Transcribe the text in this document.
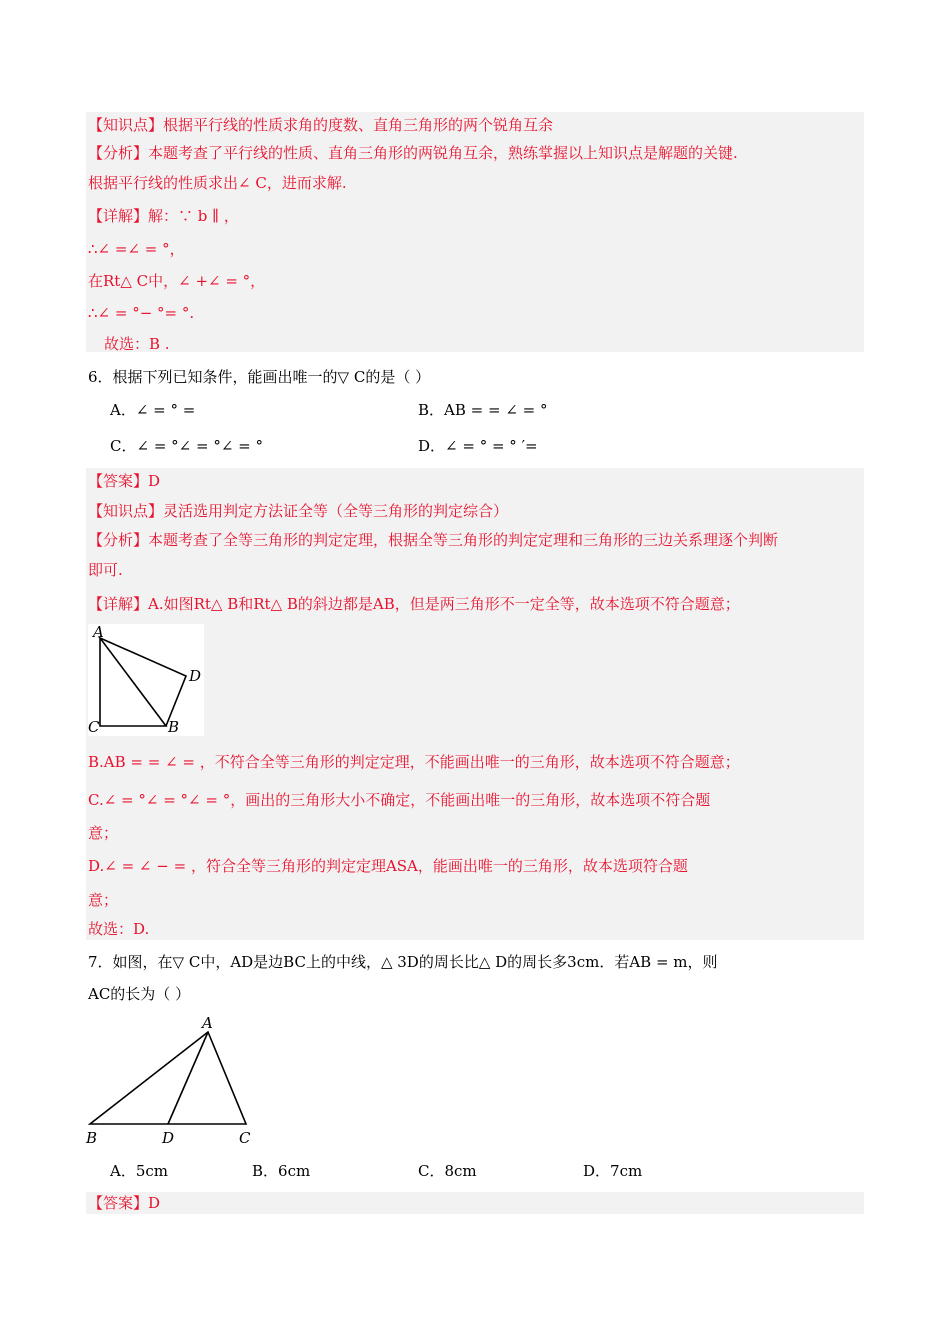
【知识点】根据平行线的性质求角的度数、直角三角形的两个锐角互余
【分析】本题考查了平行线的性质、直角三角形的两锐角互余，熟练掌握以上知识点是解题的关键.
根据平行线的性质求出∠ C，进而求解.
【详解】解：∵ b ∥ ，
∴∠ =∠ = °，
在Rt△ C中，∠ +∠ = °，
∴∠ = °− °= °.
故选：B .
6．根据下列已知条件，能画出唯一的▽ C的是（ ）
A．∠ = ° =	B．AB = = ∠ = °
C．∠ = °∠ = °∠ = °	D．∠ = ° = ° ′=
【答案】D
【知识点】灵活选用判定方法证全等（全等三角形的判定综合）
【分析】本题考查了全等三角形的判定定理，根据全等三角形的判定定理和三角形的三边关系理逐个判断
即可.
【详解】A.如图Rt△ B和Rt△ B的斜边都是AB，但是两三角形不一定全等，故本选项不符合题意；
A
D
C	B
B.AB = = ∠ = ，不符合全等三角形的判定定理，不能画出唯一的三角形，故本选项不符合题意；
C.∠ = °∠ = °∠ = °，画出的三角形大小不确定，不能画出唯一的三角形，故本选项不符合题
意；
D.∠ = ∠ − = ，符合全等三角形的判定定理ASA，能画出唯一的三角形，故本选项符合题
意；
故选：D.
7．如图，在▽ C中，AD是边BC上的中线，△ 3D的周长比△ D的周长多3cm．若AB = m，则
AC的长为（ ）
A
B	D	C
A．5cm	B．6cm	C．8cm	D．7cm
【答案】D
